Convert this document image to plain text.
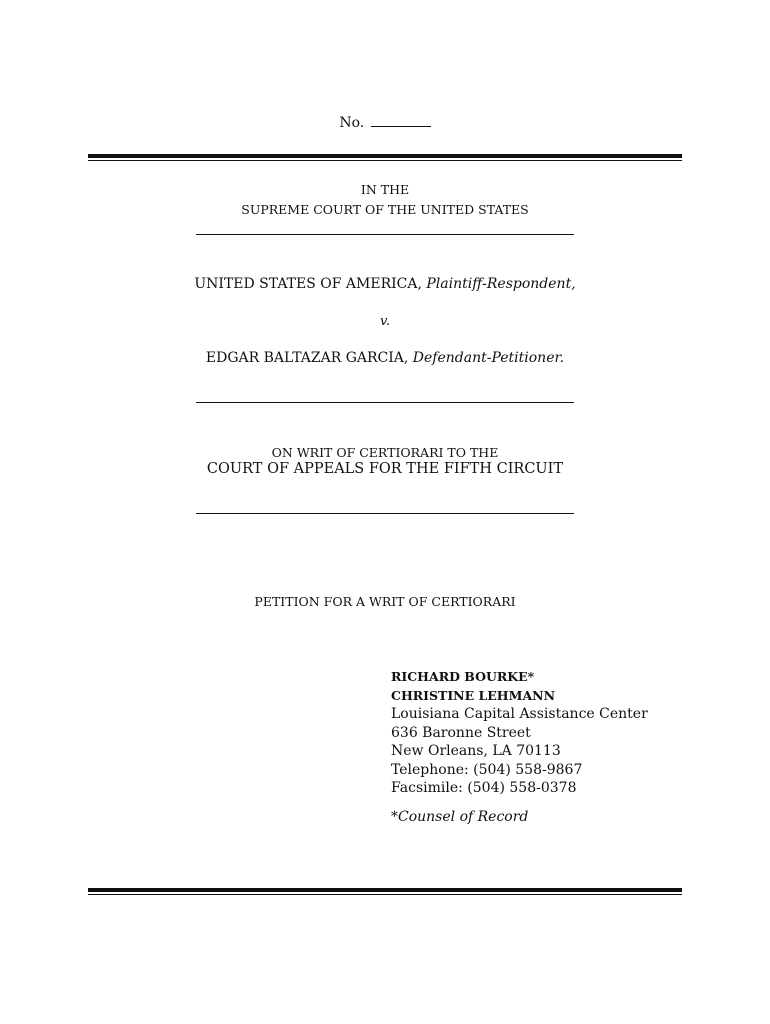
No.
IN THE
SUPREME COURT OF THE UNITED STATES
UNITED STATES OF AMERICA, Plaintiff-Respondent,
v.
EDGAR BALTAZAR GARCIA, Defendant-Petitioner.
ON WRIT OF CERTIORARI TO THE
COURT OF APPEALS FOR THE FIFTH CIRCUIT
PETITION FOR A WRIT OF CERTIORARI
RICHARD BOURKE*
CHRISTINE LEHMANN
Louisiana Capital Assistance Center
636 Baronne Street
New Orleans, LA 70113
Telephone: (504) 558-9867
Facsimile: (504) 558-0378
*Counsel of Record
